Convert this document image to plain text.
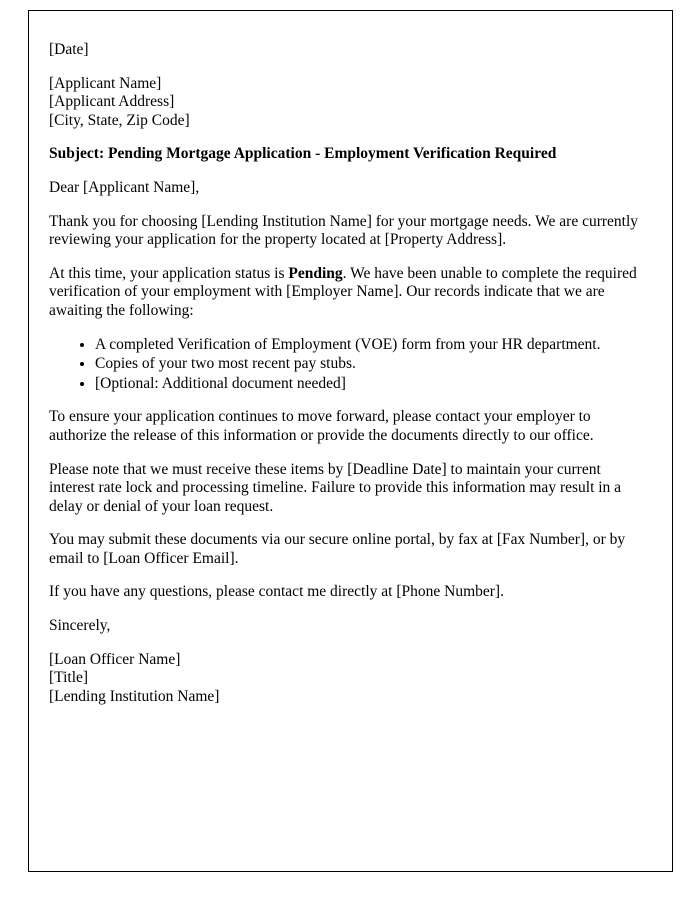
[Date]

[Applicant Name]

[Applicant Address]

[City, State, Zip Code]

Subject: Pending Mortgage Application - Employment Verification Required

Dear [Applicant Name],

Thank you for choosing [Lending Institution Name] for your mortgage needs. We are currently reviewing your application for the property located at [Property Address].

At this time, your application status is Pending. We have been unable to complete the required verification of your employment with [Employer Name]. Our records indicate that we are awaiting the following:

• A completed Verification of Employment (VOE) form from your HR department.
• Copies of your two most recent pay stubs.
• [Optional: Additional document needed]

To ensure your application continues to move forward, please contact your employer to authorize the release of this information or provide the documents directly to our office.

Please note that we must receive these items by [Deadline Date] to maintain your current interest rate lock and processing timeline. Failure to provide this information may result in a delay or denial of your loan request.

You may submit these documents via our secure online portal, by fax at [Fax Number], or by email to [Loan Officer Email].

If you have any questions, please contact me directly at [Phone Number].

Sincerely,

[Loan Officer Name]

[Title]

[Lending Institution Name]
